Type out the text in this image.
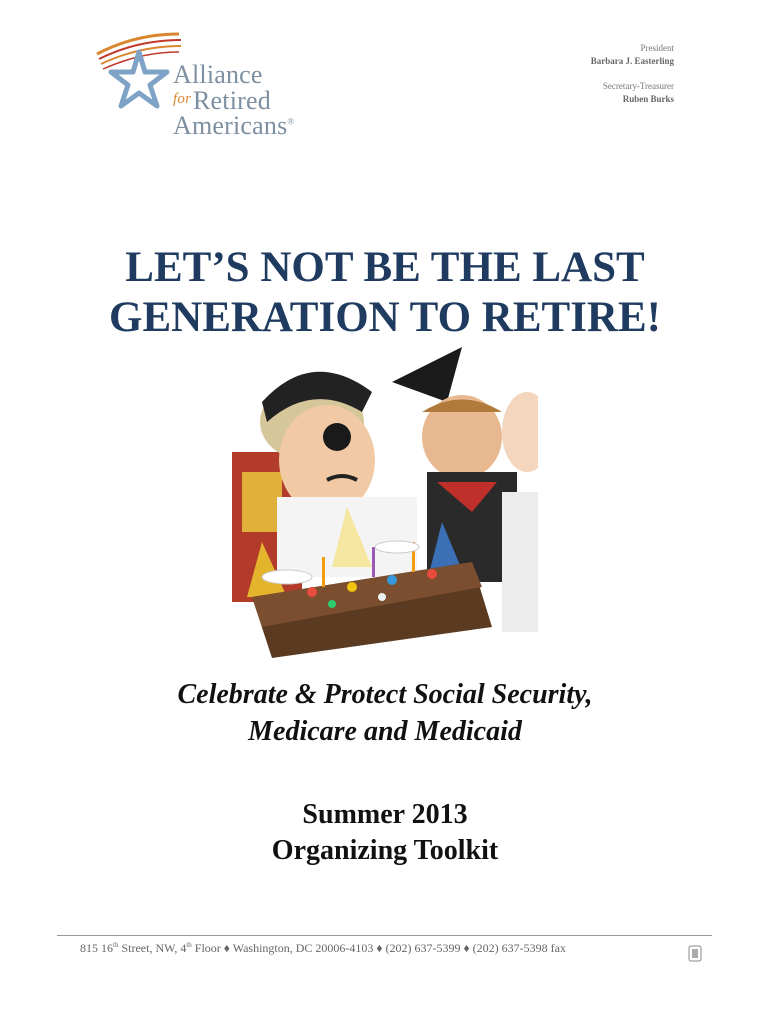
Alliance
for Retired
Americans®
President
Barbara J. Easterling
Secretary-Treasurer
Ruben Burks
LET’S NOT BE THE LAST
GENERATION TO RETIRE!
Celebrate & Protect Social Security,
Medicare and Medicaid
Summer 2013
Organizing Toolkit
815 16th Street, NW, 4th Floor ♦ Washington, DC 20006-4103 ♦ (202) 637-5399 ♦ (202) 637-5398 fax
